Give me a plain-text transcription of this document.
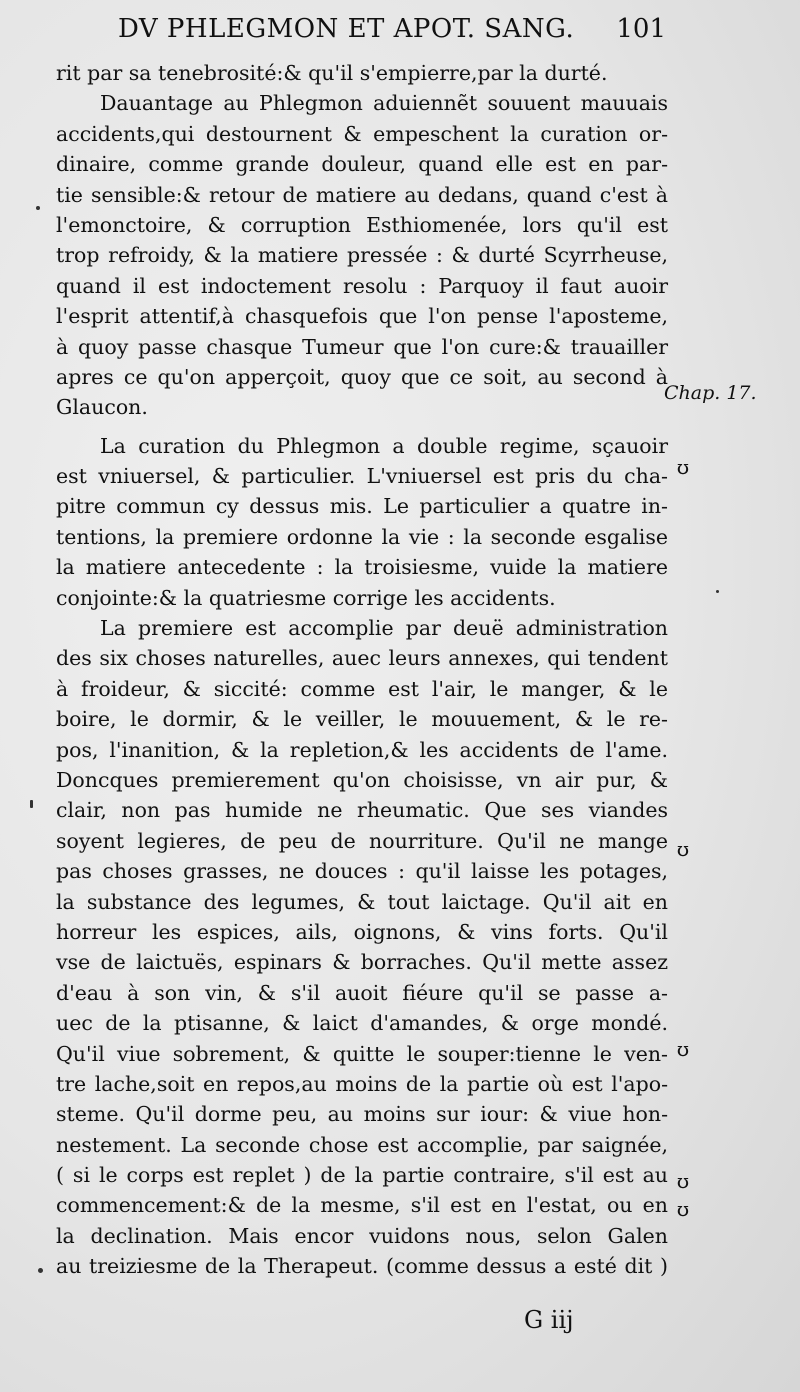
DV PHLEGMON ET APOT. SANG. 101
rit par sa tenebrosité:& qu'il s'empierre,par la durté.
Dauantage au Phlegmon aduiennẽt souuent mauuais
accidents,qui destournent & empeschent la curation or-
dinaire, comme grande douleur, quand elle est en par-
tie sensible:& retour de matiere au dedans, quand c'est à
l'emonctoire, & corruption Esthiomenée, lors qu'il est
trop refroidy, & la matiere pressée : & durté Scyrrheuse,
quand il est indoctement resolu : Parquoy il faut auoir
l'esprit attentif,à chasquefois que l'on pense l'aposteme,
à quoy passe chasque Tumeur que l'on cure:& trauailler
apres ce qu'on apperçoit, quoy que ce soit, au second à
Glaucon.
La curation du Phlegmon a double regime, sçauoir
est vniuersel, & particulier. L'vniuersel est pris du cha-
pitre commun cy dessus mis. Le particulier a quatre in-
tentions, la premiere ordonne la vie : la seconde esgalise
la matiere antecedente : la troisiesme, vuide la matiere
conjointe:& la quatriesme corrige les accidents.
La premiere est accomplie par deuë administration
des six choses naturelles, auec leurs annexes, qui tendent
à froideur, & siccité: comme est l'air, le manger, & le
boire, le dormir, & le veiller, le mouuement, & le re-
pos, l'inanition, & la repletion,& les accidents de l'ame.
Doncques premierement qu'on choisisse, vn air pur, &
clair, non pas humide ne rheumatic. Que ses viandes
soyent legieres, de peu de nourriture. Qu'il ne mange
pas choses grasses, ne douces : qu'il laisse les potages,
la substance des legumes, & tout laictage. Qu'il ait en
horreur les espices, ails, oignons, & vins forts. Qu'il
vse de laictuës, espinars & borraches. Qu'il mette assez
d'eau à son vin, & s'il auoit fiéure qu'il se passe a-
uec de la ptisanne, & laict d'amandes, & orge mondé.
Qu'il viue sobrement, & quitte le souper:tienne le ven-
tre lache,soit en repos,au moins de la partie où est l'apo-
steme. Qu'il dorme peu, au moins sur iour: & viue hon-
nestement. La seconde chose est accomplie, par saignée,
( si le corps est replet ) de la partie contraire, s'il est au
commencement:& de la mesme, s'il est en l'estat, ou en
la declination. Mais encor vuidons nous, selon Galen
au treiziesme de la Therapeut. (comme dessus a esté dit )
Chap. 17.
ʊ
ʊ
ʊ
ʊ
ʊ
G iij
